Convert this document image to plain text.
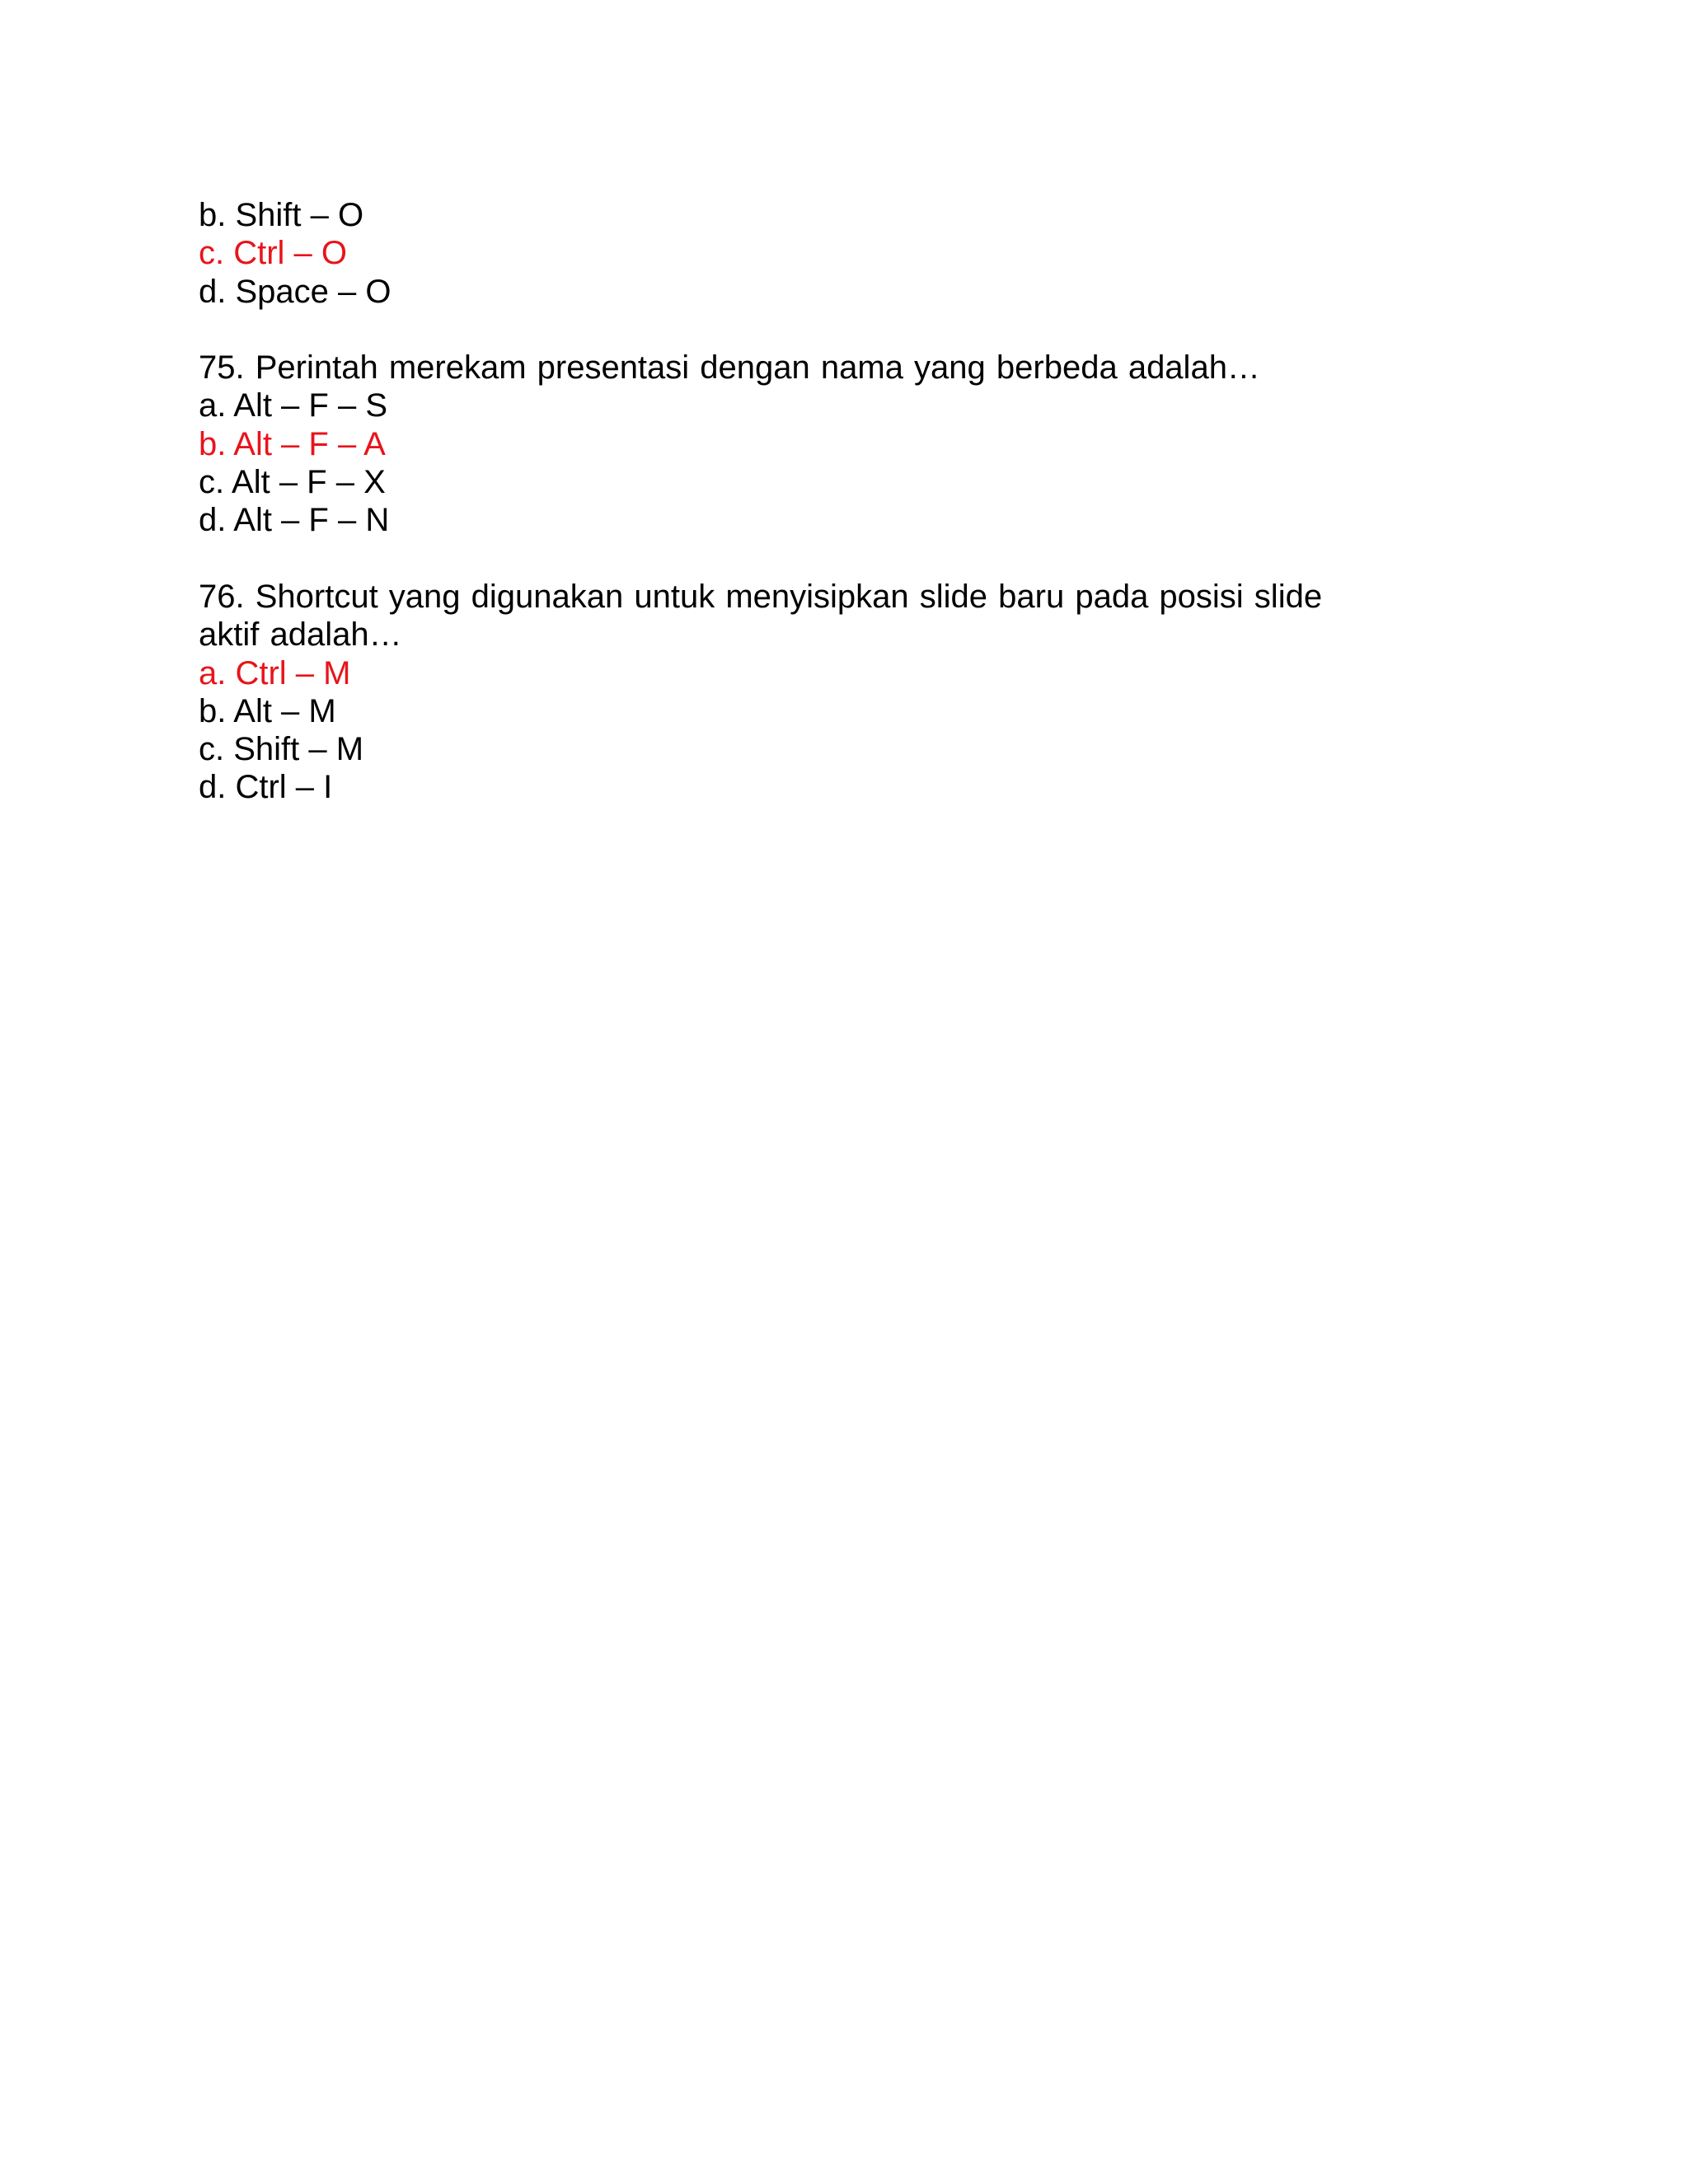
b. Shift – O
c. Ctrl – O
d. Space – O
75. Perintah merekam presentasi dengan nama yang berbeda adalah…
a. Alt – F – S
b. Alt – F – A
c. Alt – F – X
d. Alt – F – N
76. Shortcut yang digunakan untuk menyisipkan slide baru pada posisi slide aktif adalah…
a. Ctrl – M
b. Alt – M
c. Shift – M
d. Ctrl – I
